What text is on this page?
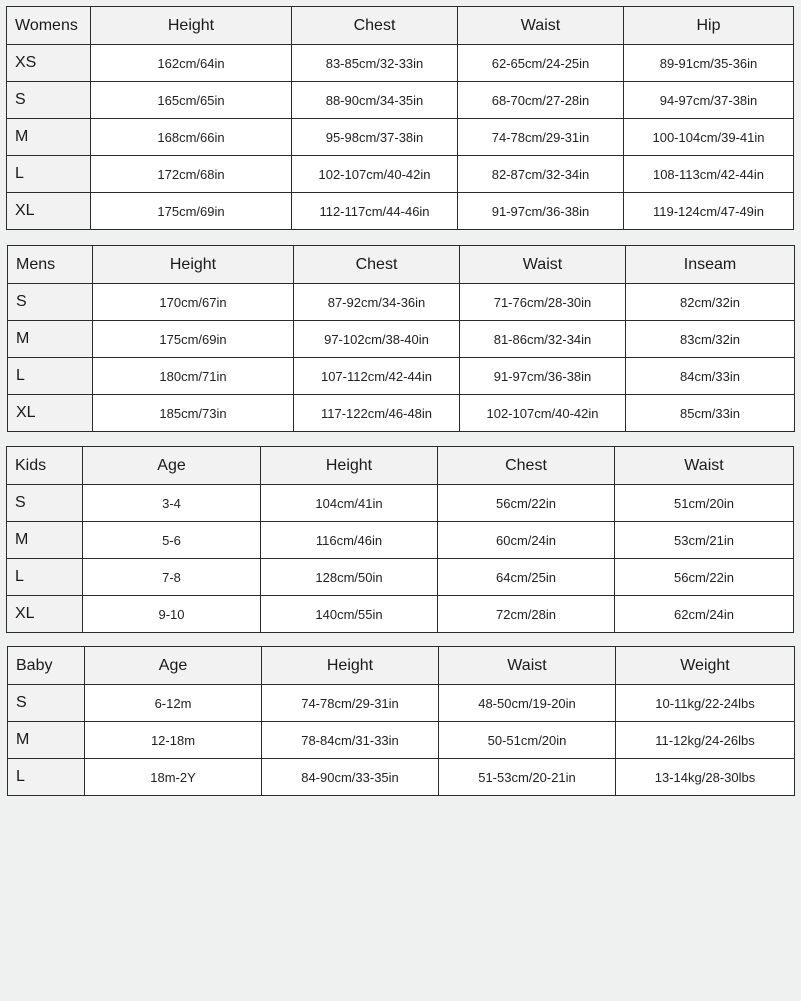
Womens	Height	Chest	Waist	Hip
XS	162cm/64in	83-85cm/32-33in	62-65cm/24-25in	89-91cm/35-36in
S	165cm/65in	88-90cm/34-35in	68-70cm/27-28in	94-97cm/37-38in
M	168cm/66in	95-98cm/37-38in	74-78cm/29-31in	100-104cm/39-41in
L	172cm/68in	102-107cm/40-42in	82-87cm/32-34in	108-113cm/42-44in
XL	175cm/69in	112-117cm/44-46in	91-97cm/36-38in	119-124cm/47-49in
Mens	Height	Chest	Waist	Inseam
S	170cm/67in	87-92cm/34-36in	71-76cm/28-30in	82cm/32in
M	175cm/69in	97-102cm/38-40in	81-86cm/32-34in	83cm/32in
L	180cm/71in	107-112cm/42-44in	91-97cm/36-38in	84cm/33in
XL	185cm/73in	117-122cm/46-48in	102-107cm/40-42in	85cm/33in
Kids	Age	Height	Chest	Waist
S	3-4	104cm/41in	56cm/22in	51cm/20in
M	5-6	116cm/46in	60cm/24in	53cm/21in
L	7-8	128cm/50in	64cm/25in	56cm/22in
XL	9-10	140cm/55in	72cm/28in	62cm/24in
Baby	Age	Height	Waist	Weight
S	6-12m	74-78cm/29-31in	48-50cm/19-20in	10-11kg/22-24lbs
M	12-18m	78-84cm/31-33in	50-51cm/20in	11-12kg/24-26lbs
L	18m-2Y	84-90cm/33-35in	51-53cm/20-21in	13-14kg/28-30lbs
